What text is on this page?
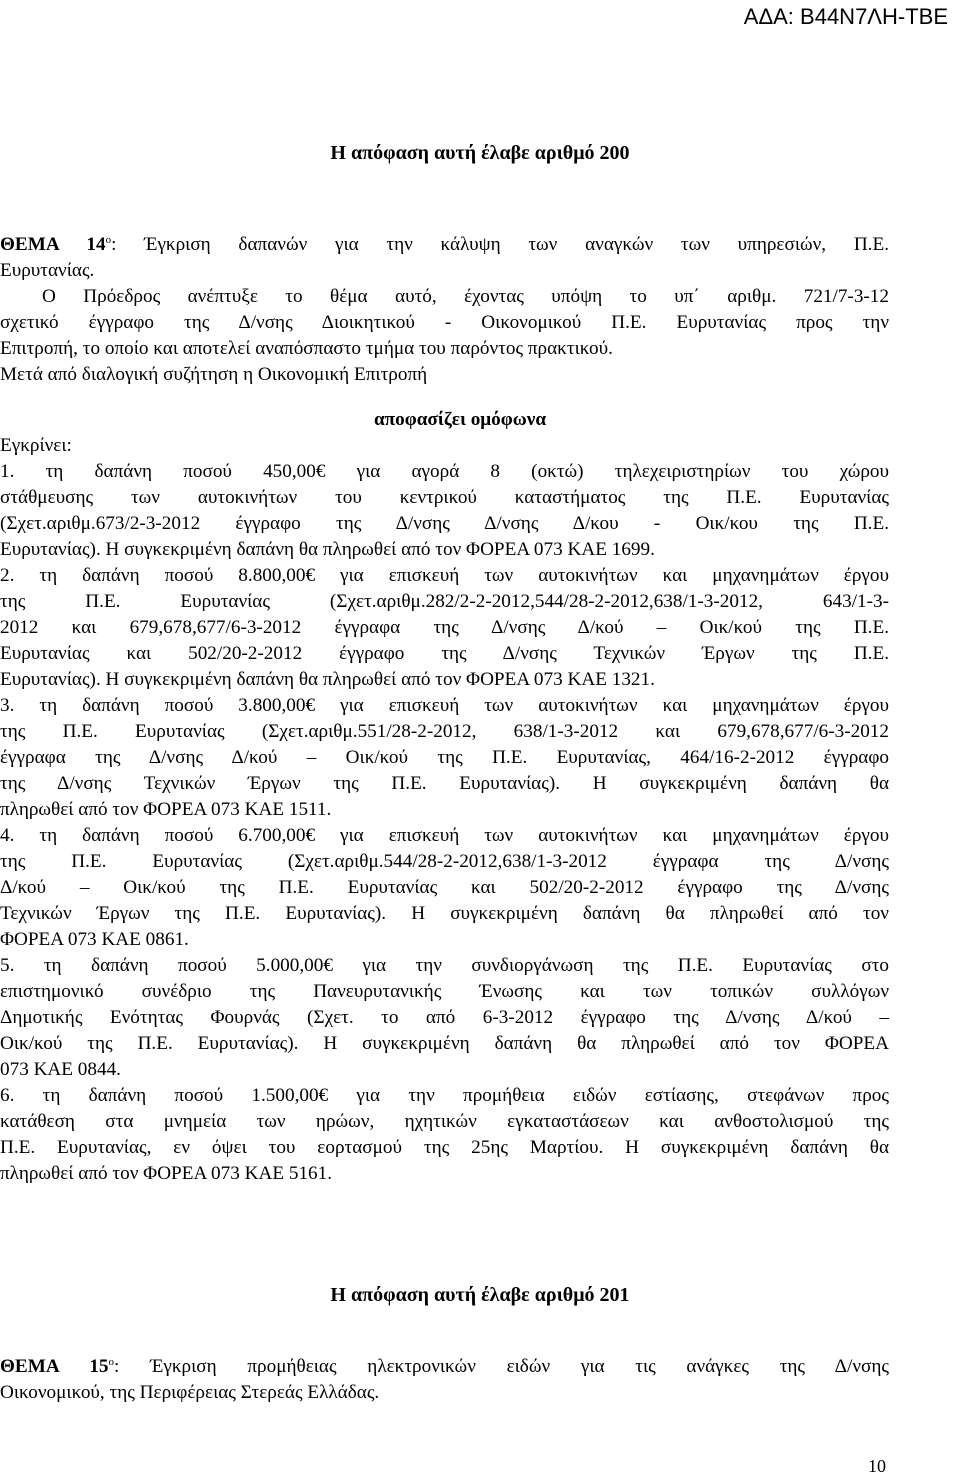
ΑΔΑ: Β44Ν7ΛΗ-ΤΒΕ
Η απόφαση αυτή έλαβε αριθμό 200
ΘΕΜΑ $14^o$: Έγκριση δαπανών για την κάλυψη των αναγκών των υπηρεσιών, Π.Ε.
Ευρυτανίας.
Ο Πρόεδρος ανέπτυξε το θέμα αυτό, έχοντας υπόψη το υπ΄ αριθμ. 721/7-3-12
σχετικό έγγραφο της Δ/νσης Διοικητικού - Οικονομικού Π.Ε. Ευρυτανίας προς την
Επιτροπή, το οποίο και αποτελεί αναπόσπαστο τμήμα του παρόντος πρακτικού.
Μετά από διαλογική συζήτηση η Οικονομική Επιτροπή
αποφασίζει ομόφωνα
Εγκρίνει:
1. τη δαπάνη ποσού 450,00€ για αγορά 8 (οκτώ) τηλεχειριστηρίων του χώρου
στάθμευσης των αυτοκινήτων του κεντρικού καταστήματος της Π.Ε. Ευρυτανίας
(Σχετ.αριθμ.673/2-3-2012 έγγραφο της Δ/νσης Δ/νσης Δ/κου - Οικ/κου της Π.Ε.
Ευρυτανίας). Η συγκεκριμένη δαπάνη θα πληρωθεί από τον ΦΟΡΕΑ 073 ΚΑΕ 1699.
2. τη δαπάνη ποσού 8.800,00€ για επισκευή των αυτοκινήτων και μηχανημάτων έργου
της Π.Ε. Ευρυτανίας (Σχετ.αριθμ.282/2-2-2012,544/28-2-2012,638/1-3-2012, 643/1-3-
2012 και 679,678,677/6-3-2012 έγγραφα της Δ/νσης Δ/κού – Οικ/κού της Π.Ε.
Ευρυτανίας και 502/20-2-2012 έγγραφο της Δ/νσης Τεχνικών Έργων της Π.Ε.
Ευρυτανίας). Η συγκεκριμένη δαπάνη θα πληρωθεί από τον ΦΟΡΕΑ 073 ΚΑΕ 1321.
3. τη δαπάνη ποσού 3.800,00€ για επισκευή των αυτοκινήτων και μηχανημάτων έργου
της Π.Ε. Ευρυτανίας (Σχετ.αριθμ.551/28-2-2012, 638/1-3-2012 και 679,678,677/6-3-2012
έγγραφα της Δ/νσης Δ/κού – Οικ/κού της Π.Ε. Ευρυτανίας, 464/16-2-2012 έγγραφο
της Δ/νσης Τεχνικών Έργων της Π.Ε. Ευρυτανίας). Η συγκεκριμένη δαπάνη θα
πληρωθεί από τον ΦΟΡΕΑ 073 ΚΑΕ 1511.
4. τη δαπάνη ποσού 6.700,00€ για επισκευή των αυτοκινήτων και μηχανημάτων έργου
της Π.Ε. Ευρυτανίας (Σχετ.αριθμ.544/28-2-2012,638/1-3-2012 έγγραφα της Δ/νσης
Δ/κού – Οικ/κού της Π.Ε. Ευρυτανίας και 502/20-2-2012 έγγραφο της Δ/νσης
Τεχνικών Έργων της Π.Ε. Ευρυτανίας). Η συγκεκριμένη δαπάνη θα πληρωθεί από τον
ΦΟΡΕΑ 073 ΚΑΕ 0861.
5. τη δαπάνη ποσού 5.000,00€ για την συνδιοργάνωση της Π.Ε. Ευρυτανίας στο
επιστημονικό συνέδριο της Πανευρυτανικής Ένωσης και των τοπικών συλλόγων
Δημοτικής Ενότητας Φουρνάς (Σχετ. το από 6-3-2012 έγγραφο της Δ/νσης Δ/κού –
Οικ/κού της Π.Ε. Ευρυτανίας). Η συγκεκριμένη δαπάνη θα πληρωθεί από τον ΦΟΡΕΑ
073 ΚΑΕ 0844.
6. τη δαπάνη ποσού 1.500,00€ για την προμήθεια ειδών εστίασης, στεφάνων προς
κατάθεση στα μνημεία των ηρώων, ηχητικών εγκαταστάσεων και ανθοστολισμού της
Π.Ε. Ευρυτανίας, εν όψει του εορτασμού της 25ης Μαρτίου. Η συγκεκριμένη δαπάνη θα
πληρωθεί από τον ΦΟΡΕΑ 073 ΚΑΕ 5161.
Η απόφαση αυτή έλαβε αριθμό 201
ΘΕΜΑ $15^o$: Έγκριση προμήθειας ηλεκτρονικών ειδών για τις ανάγκες της Δ/νσης
Οικονομικού, της Περιφέρειας Στερεάς Ελλάδας.
10
